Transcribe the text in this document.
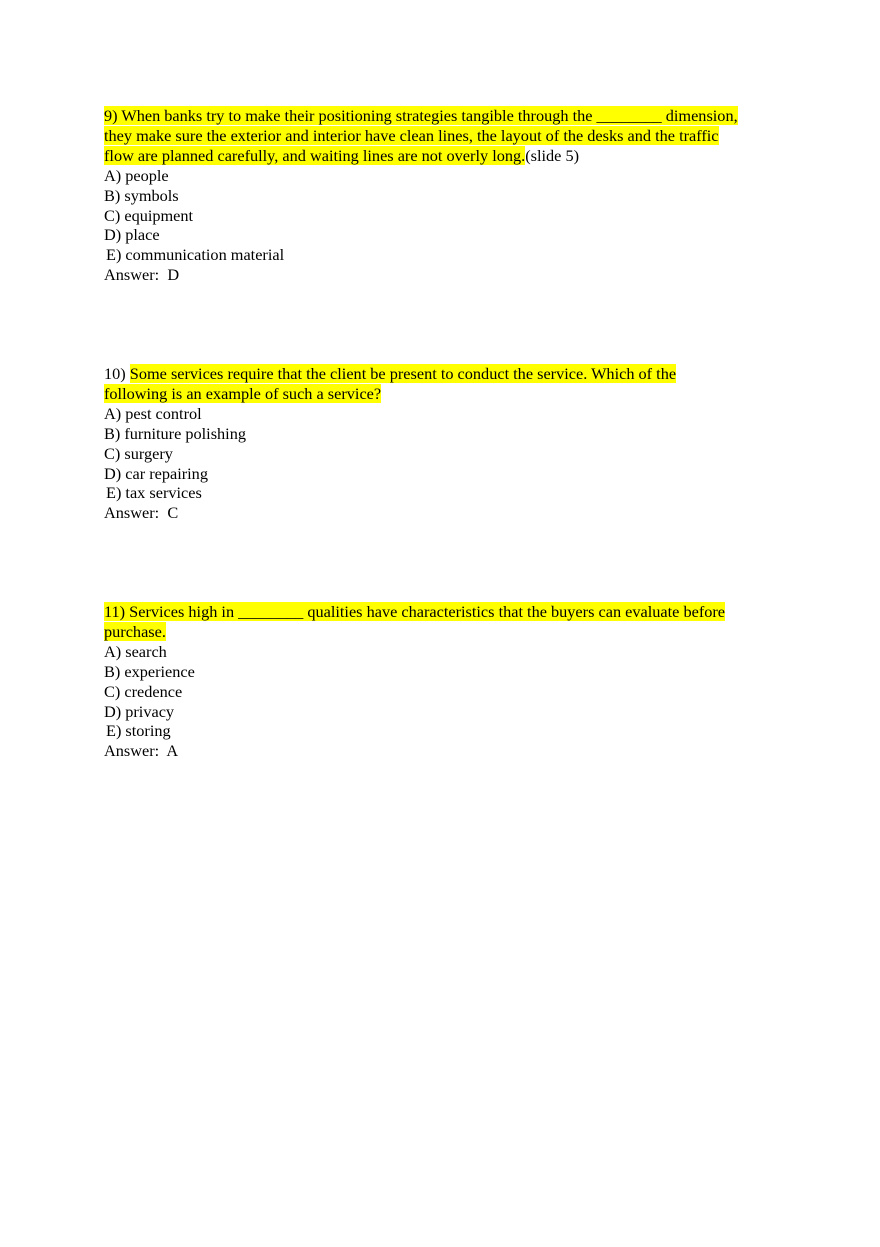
9) When banks try to make their positioning strategies tangible through the ________ dimension,
they make sure the exterior and interior have clean lines, the layout of the desks and the traffic
flow are planned carefully, and waiting lines are not overly long.(slide 5)
A) people
B) symbols
C) equipment
D) place
E) communication material
Answer: D
10) Some services require that the client be present to conduct the service. Which of the
following is an example of such a service?
A) pest control
B) furniture polishing
C) surgery
D) car repairing
E) tax services
Answer: C
11) Services high in ________ qualities have characteristics that the buyers can evaluate before
purchase.
A) search
B) experience
C) credence
D) privacy
E) storing
Answer: A
